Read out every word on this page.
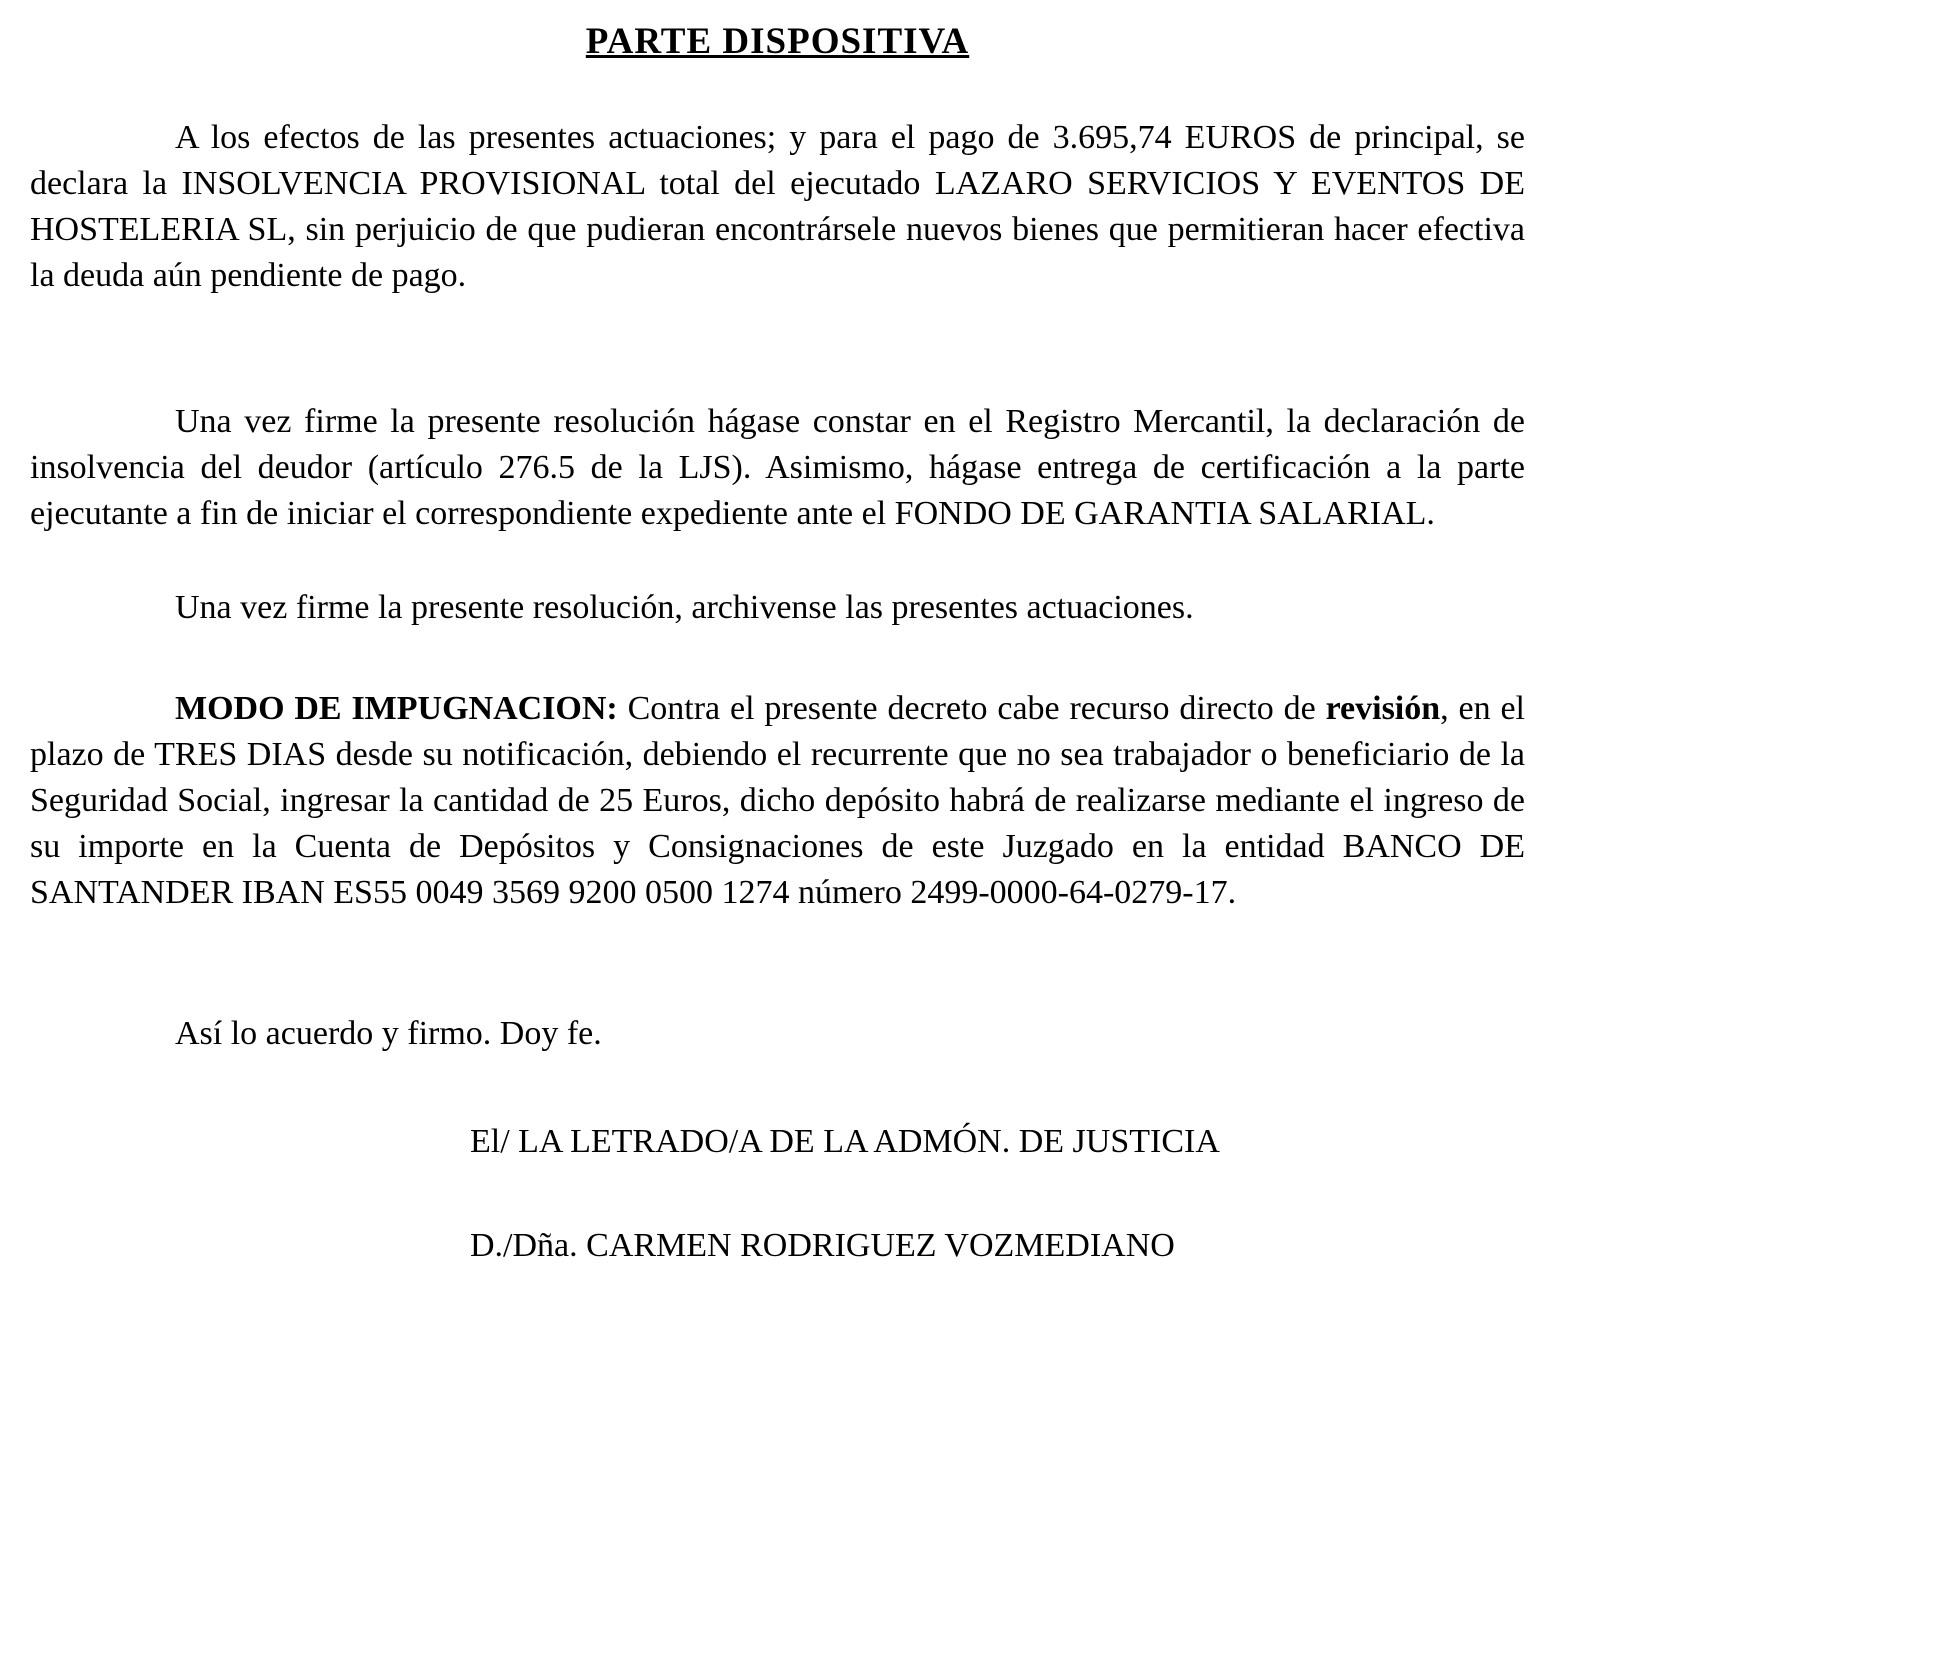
PARTE DISPOSITIVA

A los efectos de las presentes actuaciones; y para el pago de 3.695,74 EUROS de principal, se declara la INSOLVENCIA PROVISIONAL total del ejecutado LAZARO SERVICIOS Y EVENTOS DE HOSTELERIA SL, sin perjuicio de que pudieran encontrársele nuevos bienes que permitieran hacer efectiva la deuda aún pendiente de pago.

Una vez firme la presente resolución hágase constar en el Registro Mercantil, la declaración de insolvencia del deudor (artículo 276.5 de la LJS). Asimismo, hágase entrega de certificación a la parte ejecutante a fin de iniciar el correspondiente expediente ante el FONDO DE GARANTIA SALARIAL.

Una vez firme la presente resolución, archivense las presentes actuaciones.

MODO DE IMPUGNACION: Contra el presente decreto cabe recurso directo de revisión, en el plazo de TRES DIAS desde su notificación, debiendo el recurrente que no sea trabajador o beneficiario de la Seguridad Social, ingresar la cantidad de 25 Euros, dicho depósito habrá de realizarse mediante el ingreso de su importe en la Cuenta de Depósitos y Consignaciones de este Juzgado en la entidad BANCO DE SANTANDER IBAN ES55 0049 3569 9200 0500 1274 número 2499-0000-64-0279-17.

Así lo acuerdo y firmo. Doy fe.

El/ LA LETRADO/A DE LA ADMÓN. DE JUSTICIA
D./Dña. CARMEN RODRIGUEZ VOZMEDIANO
